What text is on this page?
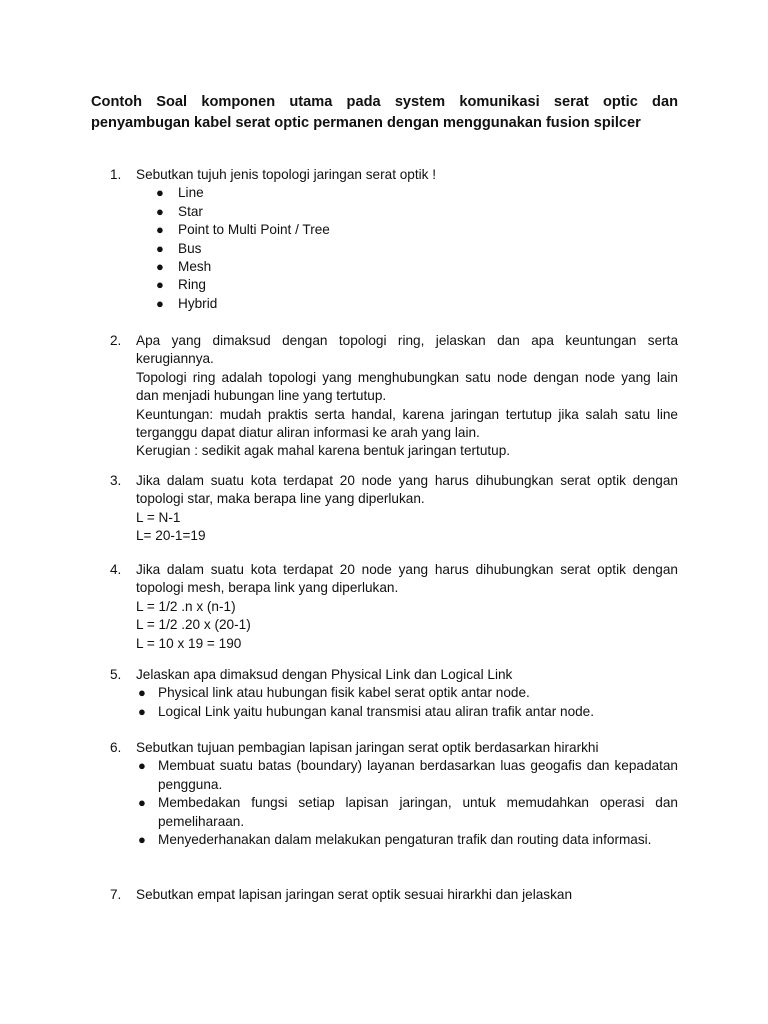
Contoh Soal komponen utama pada system komunikasi serat optic dan penyambugan kabel serat optic permanen dengan menggunakan fusion spilcer
1.	Sebutkan tujuh jenis topologi jaringan serat optik !
● Line
● Star
● Point to Multi Point / Tree
● Bus
● Mesh
● Ring
● Hybrid
2.	Apa yang dimaksud dengan topologi ring, jelaskan dan apa keuntungan serta
kerugiannya.
Topologi ring adalah topologi yang menghubungkan satu node dengan node yang lain
dan menjadi hubungan line yang tertutup.
Keuntungan: mudah praktis serta handal, karena jaringan tertutup jika salah satu line
terganggu dapat diatur aliran informasi ke arah yang lain.
Kerugian : sedikit agak mahal karena bentuk jaringan tertutup.
3.	Jika dalam suatu kota terdapat 20 node yang harus dihubungkan serat optik dengan
topologi star, maka berapa line yang diperlukan.
L = N-1
L= 20-1=19
4.	Jika dalam suatu kota terdapat 20 node yang harus dihubungkan serat optik dengan
topologi mesh, berapa link yang diperlukan.
L = 1/2 .n x (n-1)
L = 1/2 .20 x (20-1)
L = 10 x 19 = 190
5.	Jelaskan apa dimaksud dengan Physical Link dan Logical Link
● Physical link atau hubungan fisik kabel serat optik antar node.
● Logical Link yaitu hubungan kanal transmisi atau aliran trafik antar node.
6.	Sebutkan tujuan pembagian lapisan jaringan serat optik berdasarkan hirarkhi
● Membuat suatu batas (boundary) layanan berdasarkan luas geogafis dan kepadatan
pengguna.
● Membedakan fungsi setiap lapisan jaringan, untuk memudahkan operasi dan
pemeliharaan.
● Menyederhanakan dalam melakukan pengaturan trafik dan routing data informasi.
7.	Sebutkan empat lapisan jaringan serat optik sesuai hirarkhi dan jelaskan
